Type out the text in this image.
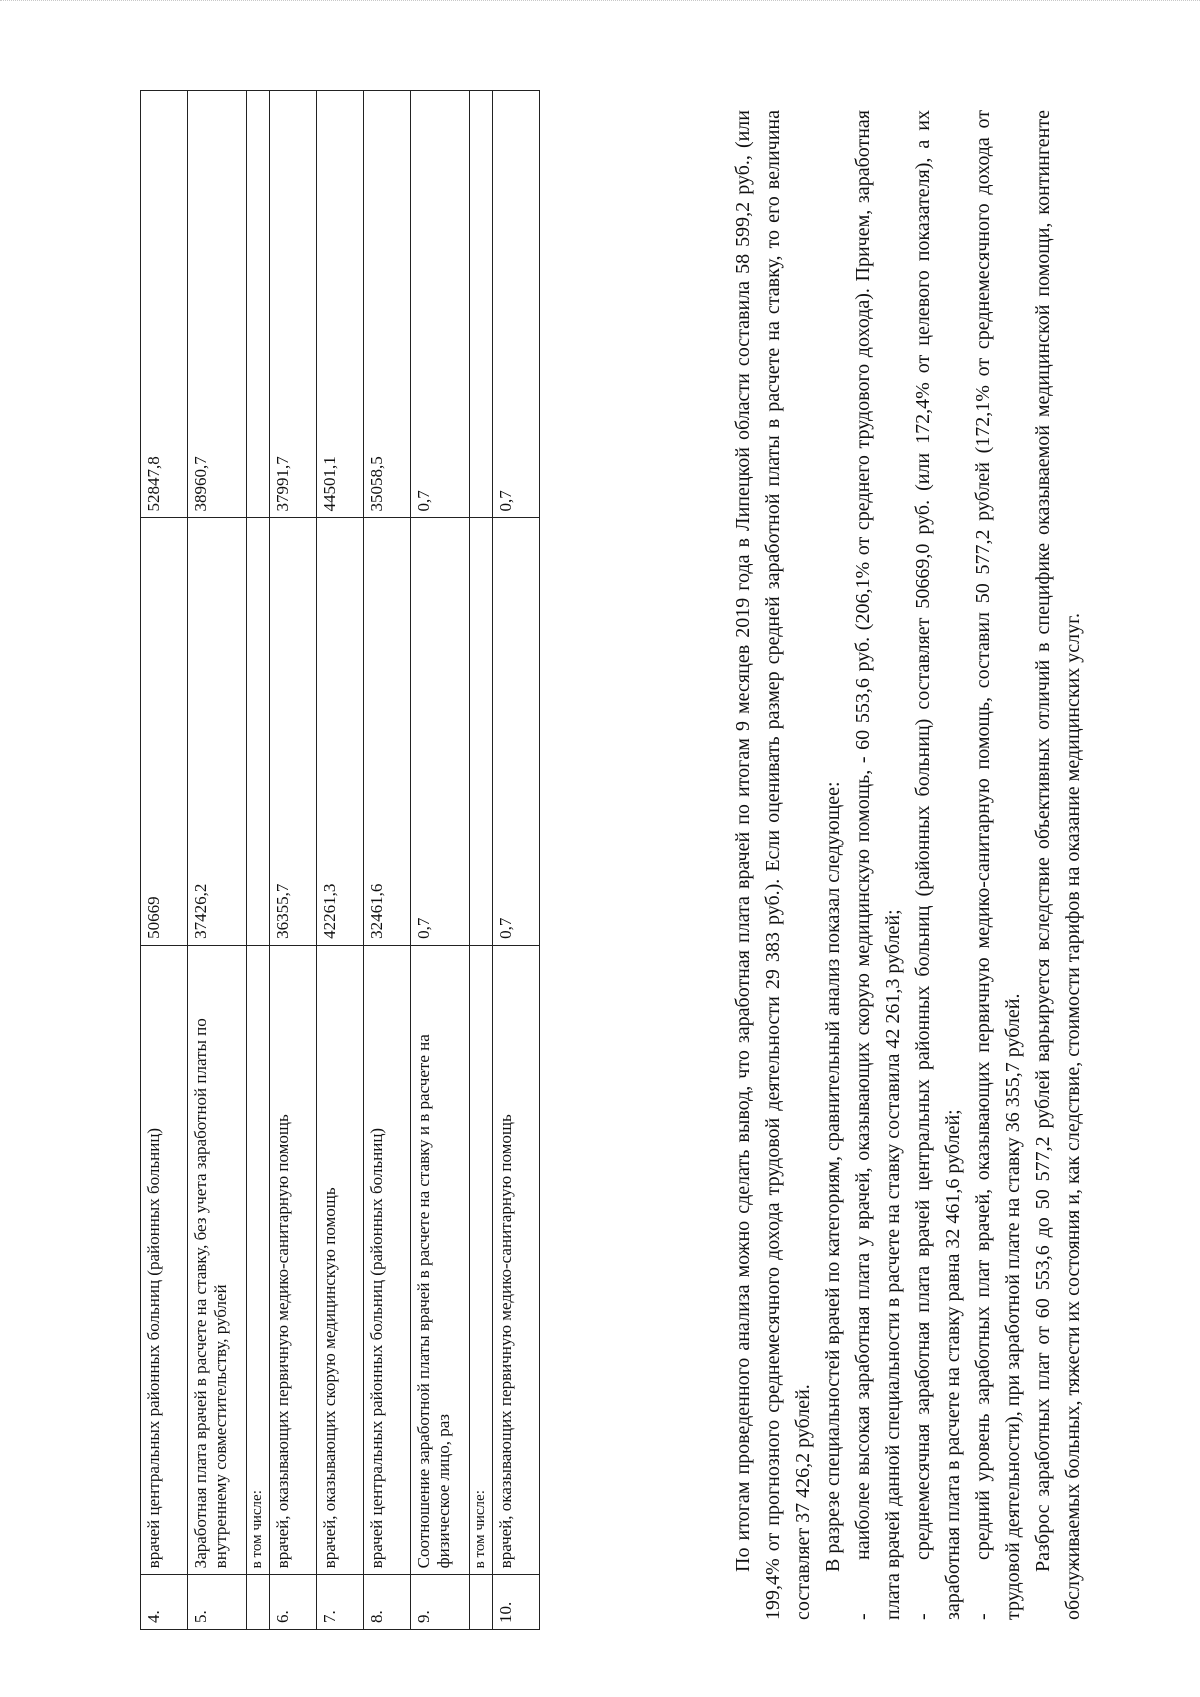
4.	врачей центральных районных больниц (районных больниц)	50669	52847,8
5.	Заработная плата врачей в расчете на ставку, без учета заработной платы по внутреннему совместительству, рублей	37426,2	38960,7
	в том числе:		
6.	врачей, оказывающих первичную медико-санитарную помощь	36355,7	37991,7
7.	врачей, оказывающих скорую медицинскую помощь	42261,3	44501,1
8.	врачей центральных районных больниц (районных больниц)	32461,6	35058,5
9.	Соотношение заработной платы врачей в расчете на ставку и в расчете на физическое лицо, раз	0,7	0,7
	в том числе:		
10.	врачей, оказывающих первичную медико-санитарную помощь	0,7	0,7	По итогам проведенного анализа можно сделать вывод, что заработная плата врачей по итогам 9 месяцев 2019 года в Липецкой области составила 58 599,2 руб., (или 199,4% от прогнозного среднемесячного дохода трудовой деятельности 29 383 руб.). Если оценивать размер средней заработной платы в расчете на ставку, то его величина составляет 37 426,2 рублей. В разрезе специальностей врачей по категориям, сравнительный анализ показал следующее:

-наиболее высокая заработная плата у врачей, оказывающих скорую медицинскую помощь, - 60 553,6 руб. (206,1% от среднего трудового дохода). Причем, заработная плата врачей данной специальности в расчете на ставку составила 42 261,3 рублей; -среднемесячная заработная плата врачей центральных районных больниц (районных больниц) составляет 50669,0 руб. (или 172,4% от целевого показателя), а их заработная плата в расчете на ставку равна 32 461,6 рублей; -средний уровень заработных плат врачей, оказывающих первичную медико-санитарную помощь, составил 50 577,2 рублей (172,1% от среднемесячного дохода от трудовой деятельности), при заработной плате на ставку 36 355,7 рублей. Разброс заработных плат от 60 553,6 до 50 577,2 рублей варьируется вследствие объективных отличий в специфике оказываемой медицинской помощи, контингенте обслуживаемых больных, тяжести их состояния и, как следствие, стоимости тарифов на оказание медицинских услуг.
